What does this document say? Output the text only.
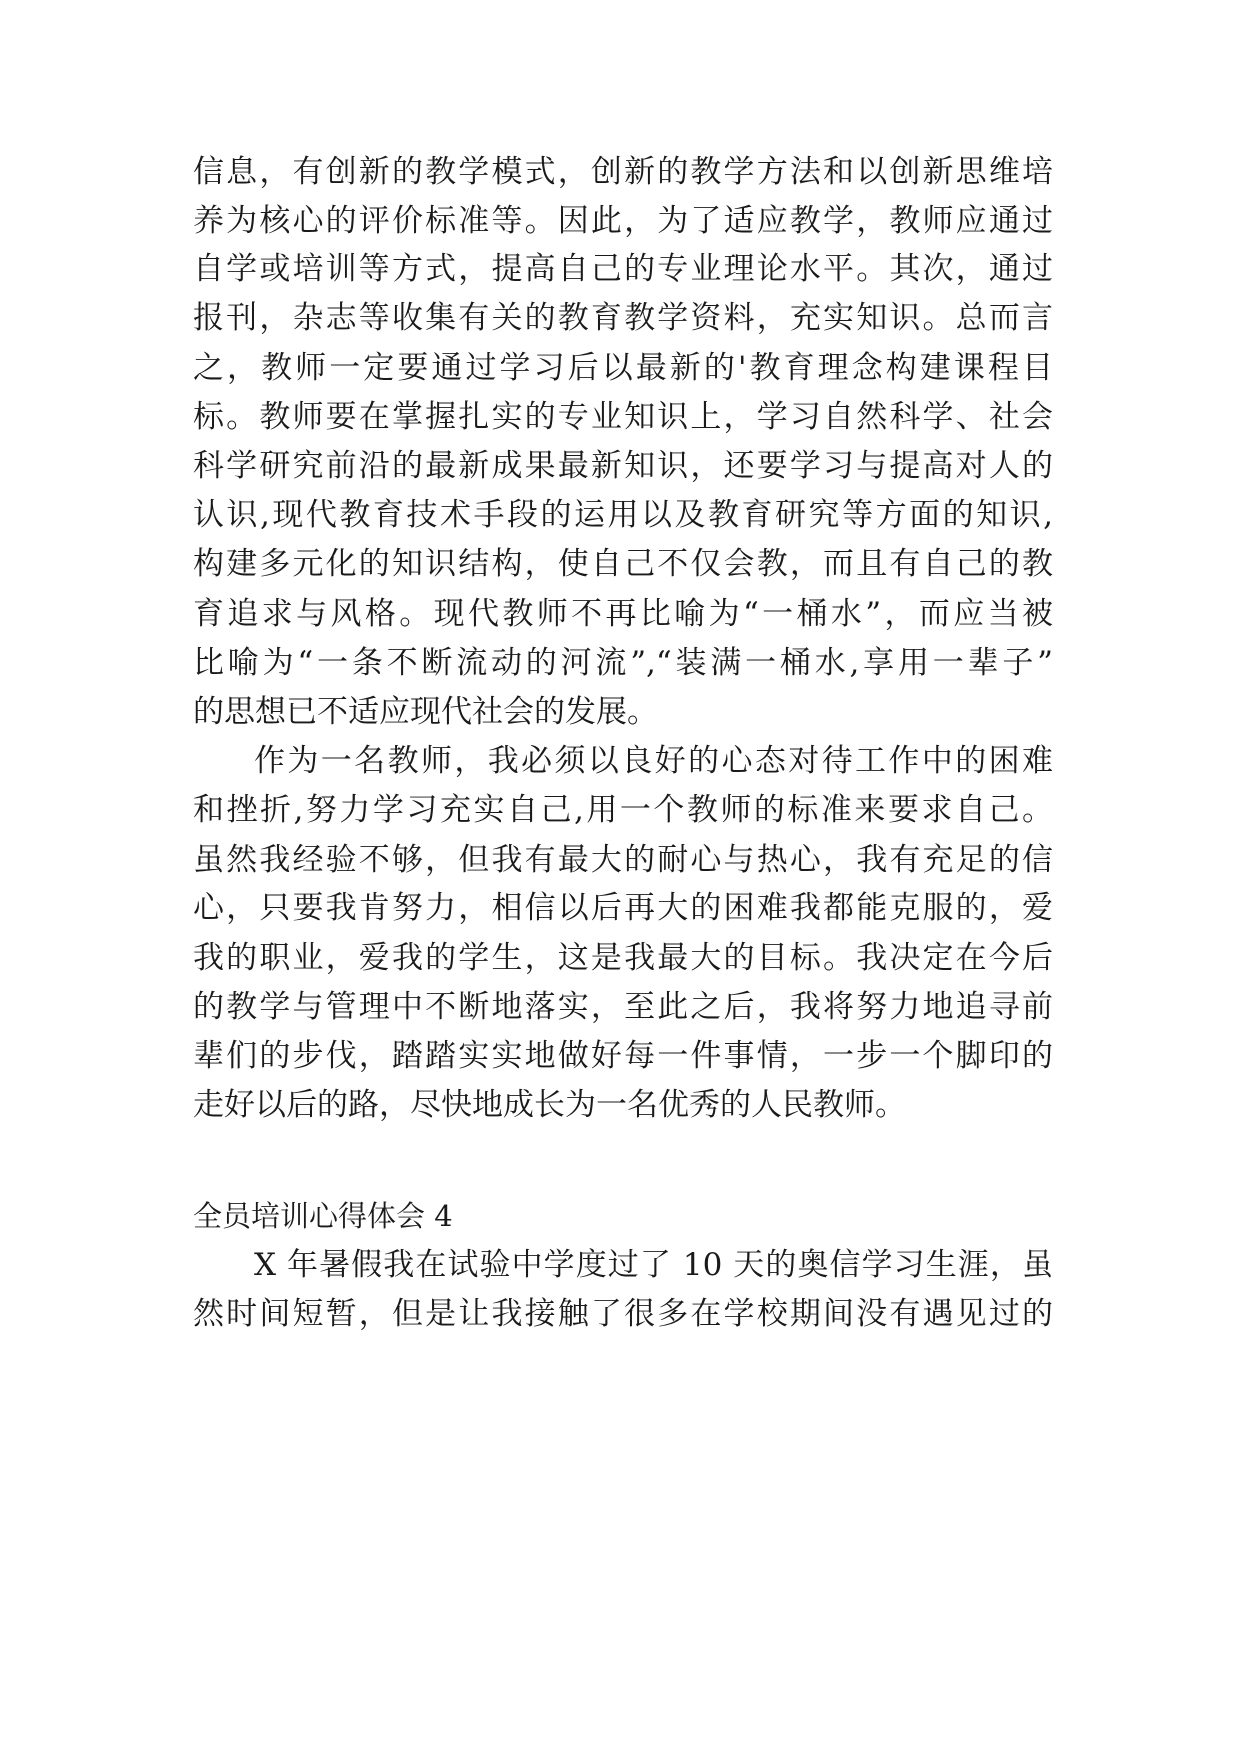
信息，有创新的教学模式，创新的教学方法和以创新思维培
养为核心的评价标准等。因此，为了适应教学，教师应通过
自学或培训等方式，提高自己的专业理论水平。其次，通过
报刊，杂志等收集有关的教育教学资料，充实知识。总而言
之，教师一定要通过学习后以最新的'教育理念构建课程目
标。教师要在掌握扎实的专业知识上，学习自然科学、社会
科学研究前沿的最新成果最新知识，还要学习与提高对人的
认识,现代教育技术手段的运用以及教育研究等方面的知识,
构建多元化的知识结构，使自己不仅会教，而且有自己的教
育追求与风格。现代教师不再比喻为“一桶水”，而应当被
比喻为“一条不断流动的河流”,“装满一桶水,享用一辈子”
的思想已不适应现代社会的发展。
作为一名教师，我必须以良好的心态对待工作中的困难
和挫折,努力学习充实自己,用一个教师的标准来要求自己。
虽然我经验不够，但我有最大的耐心与热心，我有充足的信
心，只要我肯努力，相信以后再大的困难我都能克服的，爱
我的职业，爱我的学生，这是我最大的目标。我决定在今后
的教学与管理中不断地落实，至此之后，我将努力地追寻前
辈们的步伐，踏踏实实地做好每一件事情，一步一个脚印的
走好以后的路，尽快地成长为一名优秀的人民教师。
全员培训心得体会 4
X 年暑假我在试验中学度过了 10 天的奥信学习生涯，虽
然时间短暂，但是让我接触了很多在学校期间没有遇见过的
